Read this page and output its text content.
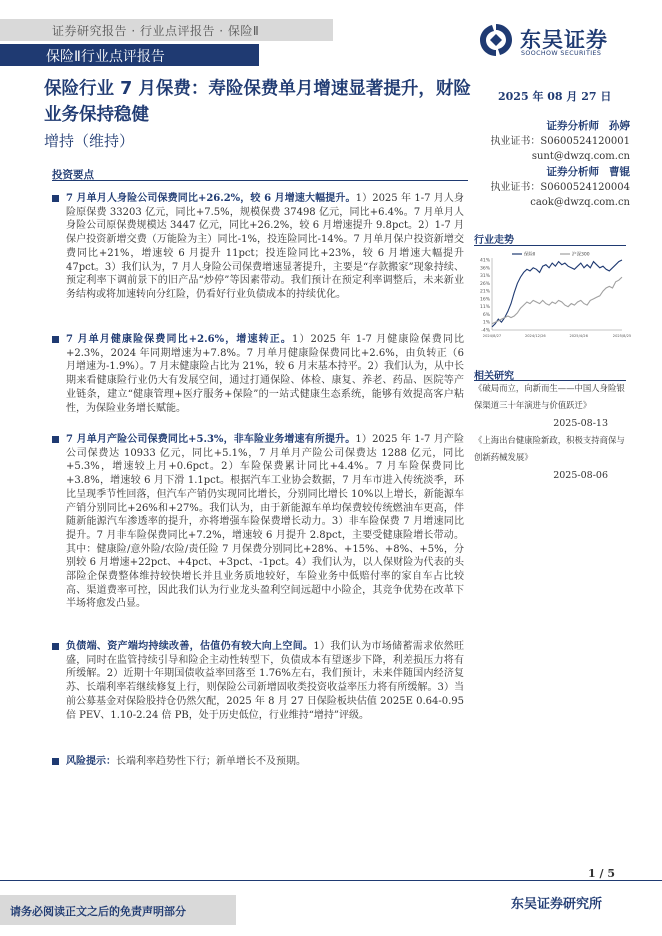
证券研究报告 · 行业点评报告 · 保险Ⅱ
保险Ⅱ行业点评报告
东吴证券
SOOCHOW SECURITIES
保险行业 7 月保费：寿险保费单月增速显著提升，财险业务保持稳健
增持（维持）
2025 年 08 月 27 日
证券分析师 孙婷
执业证书：S0600524120001
sunt@dwzq.com.cn
证券分析师 曹锟
执业证书：S0600524120004
caok@dwzq.com.cn
行业走势
-4%
1%
6%
11%
16%
21%
26%
31%
36%
41%
2024/8/27	2024/12/26	2025/4/26	2025/8/25
保险Ⅱ	沪深300
相关研究
《破局而立，向新而生——中国人身险银保渠道三十年演进与价值跃迁》
2025-08-13
《上海出台健康险新政，积极支持商保与创新药械发展》
2025-08-06
投资要点

7 月单月人身险公司保费同比+26.2%，较 6 月增速大幅提升。1）2025 年 1-7 月人身险原保费 33203 亿元，同比+7.5%，规模保费 37498 亿元，同比+6.4%。7 月单月人身险公司原保费规模达 3447 亿元，同比+26.2%，较 6 月增速提升 9.8pct。2）1-7 月保户投资新增交费（万能险为主）同比-1%，投连险同比-14%。7 月单月保户投资新增交费同比+21%，增速较 6 月提升 11pct；投连险同比+23%，较 6 月增速大幅提升 47pct。3）我们认为，7 月人身险公司保费增速显著提升，主要是“存款搬家”现象持续、预定利率下调前景下的旧产品“炒停”等因素带动。我们预计在预定利率调整后，未来新业务结构或将加速转向分红险，仍看好行业负债成本的持续优化。

7 月单月健康险保费同比+2.6%，增速转正。1）2025 年 1-7 月健康险保费同比+2.3%，2024 年同期增速为+7.8%。7 月单月健康险保费同比+2.6%，由负转正（6 月增速为-1.9%）。7 月末健康险占比为 21%，较 6 月末基本持平。2）我们认为，从中长期来看健康险行业仍大有发展空间，通过打通保险、体检、康复、养老、药品、医院等产业链条，建立“健康管理+医疗服务+保险”的一站式健康生态系统，能够有效提高客户粘性，为保险业务增长赋能。

7 月单月产险公司保费同比+5.3%，非车险业务增速有所提升。1）2025 年 1-7 月产险公司保费达 10933 亿元，同比+5.1%，7 月单月产险公司保费达 1288 亿元，同比+5.3%，增速较上月+0.6pct。2）车险保费累计同比+4.4%。7 月车险保费同比+3.8%，增速较 6 月下滑 1.1pct。根据汽车工业协会数据，7 月车市进入传统淡季，环比呈现季节性回落，但汽车产销仍实现同比增长，分别同比增长 10%以上增长，新能源车产销分别同比+26%和+27%。我们认为，由于新能源车单均保费较传统燃油车更高，伴随新能源汽车渗透率的提升，亦将增强车险保费增长动力。3）非车险保费 7 月增速同比提升。7 月非车险保费同比+7.2%，增速较 6 月提升 2.8pct，主要受健康险增长带动。其中：健康险/意外险/农险/责任险 7 月保费分别同比+28%、+15%、+8%、+5%，分别较 6 月增速+22pct、+4pct、+3pct、-1pct。4）我们认为，以人保财险为代表的头部险企保费整体维持较快增长并且业务质地较好，车险业务中低赔付率的家自车占比较高、渠道费率可控，因此我们认为行业龙头盈利空间远超中小险企，其竞争优势在改革下半场将愈发凸显。

负债端、资产端均持续改善，估值仍有较大向上空间。1）我们认为市场储蓄需求依然旺盛，同时在监管持续引导和险企主动性转型下，负债成本有望逐步下降，利差损压力将有所缓解。2）近期十年期国债收益率回落至 1.76%左右，我们预计，未来伴随国内经济复苏、长端利率若继续修复上行，则保险公司新增固收类投资收益率压力将有所缓解。3）当前公募基金对保险股持仓仍然欠配，2025 年 8 月 27 日保险板块估值 2025E 0.64-0.95 倍 PEV、1.10-2.24 倍 PB，处于历史低位，行业维持“增持”评级。

风险提示：长端利率趋势性下行；新单增长不及预期。

1 / 5
请务必阅读正文之后的免责声明部分	东吴证券研究所
